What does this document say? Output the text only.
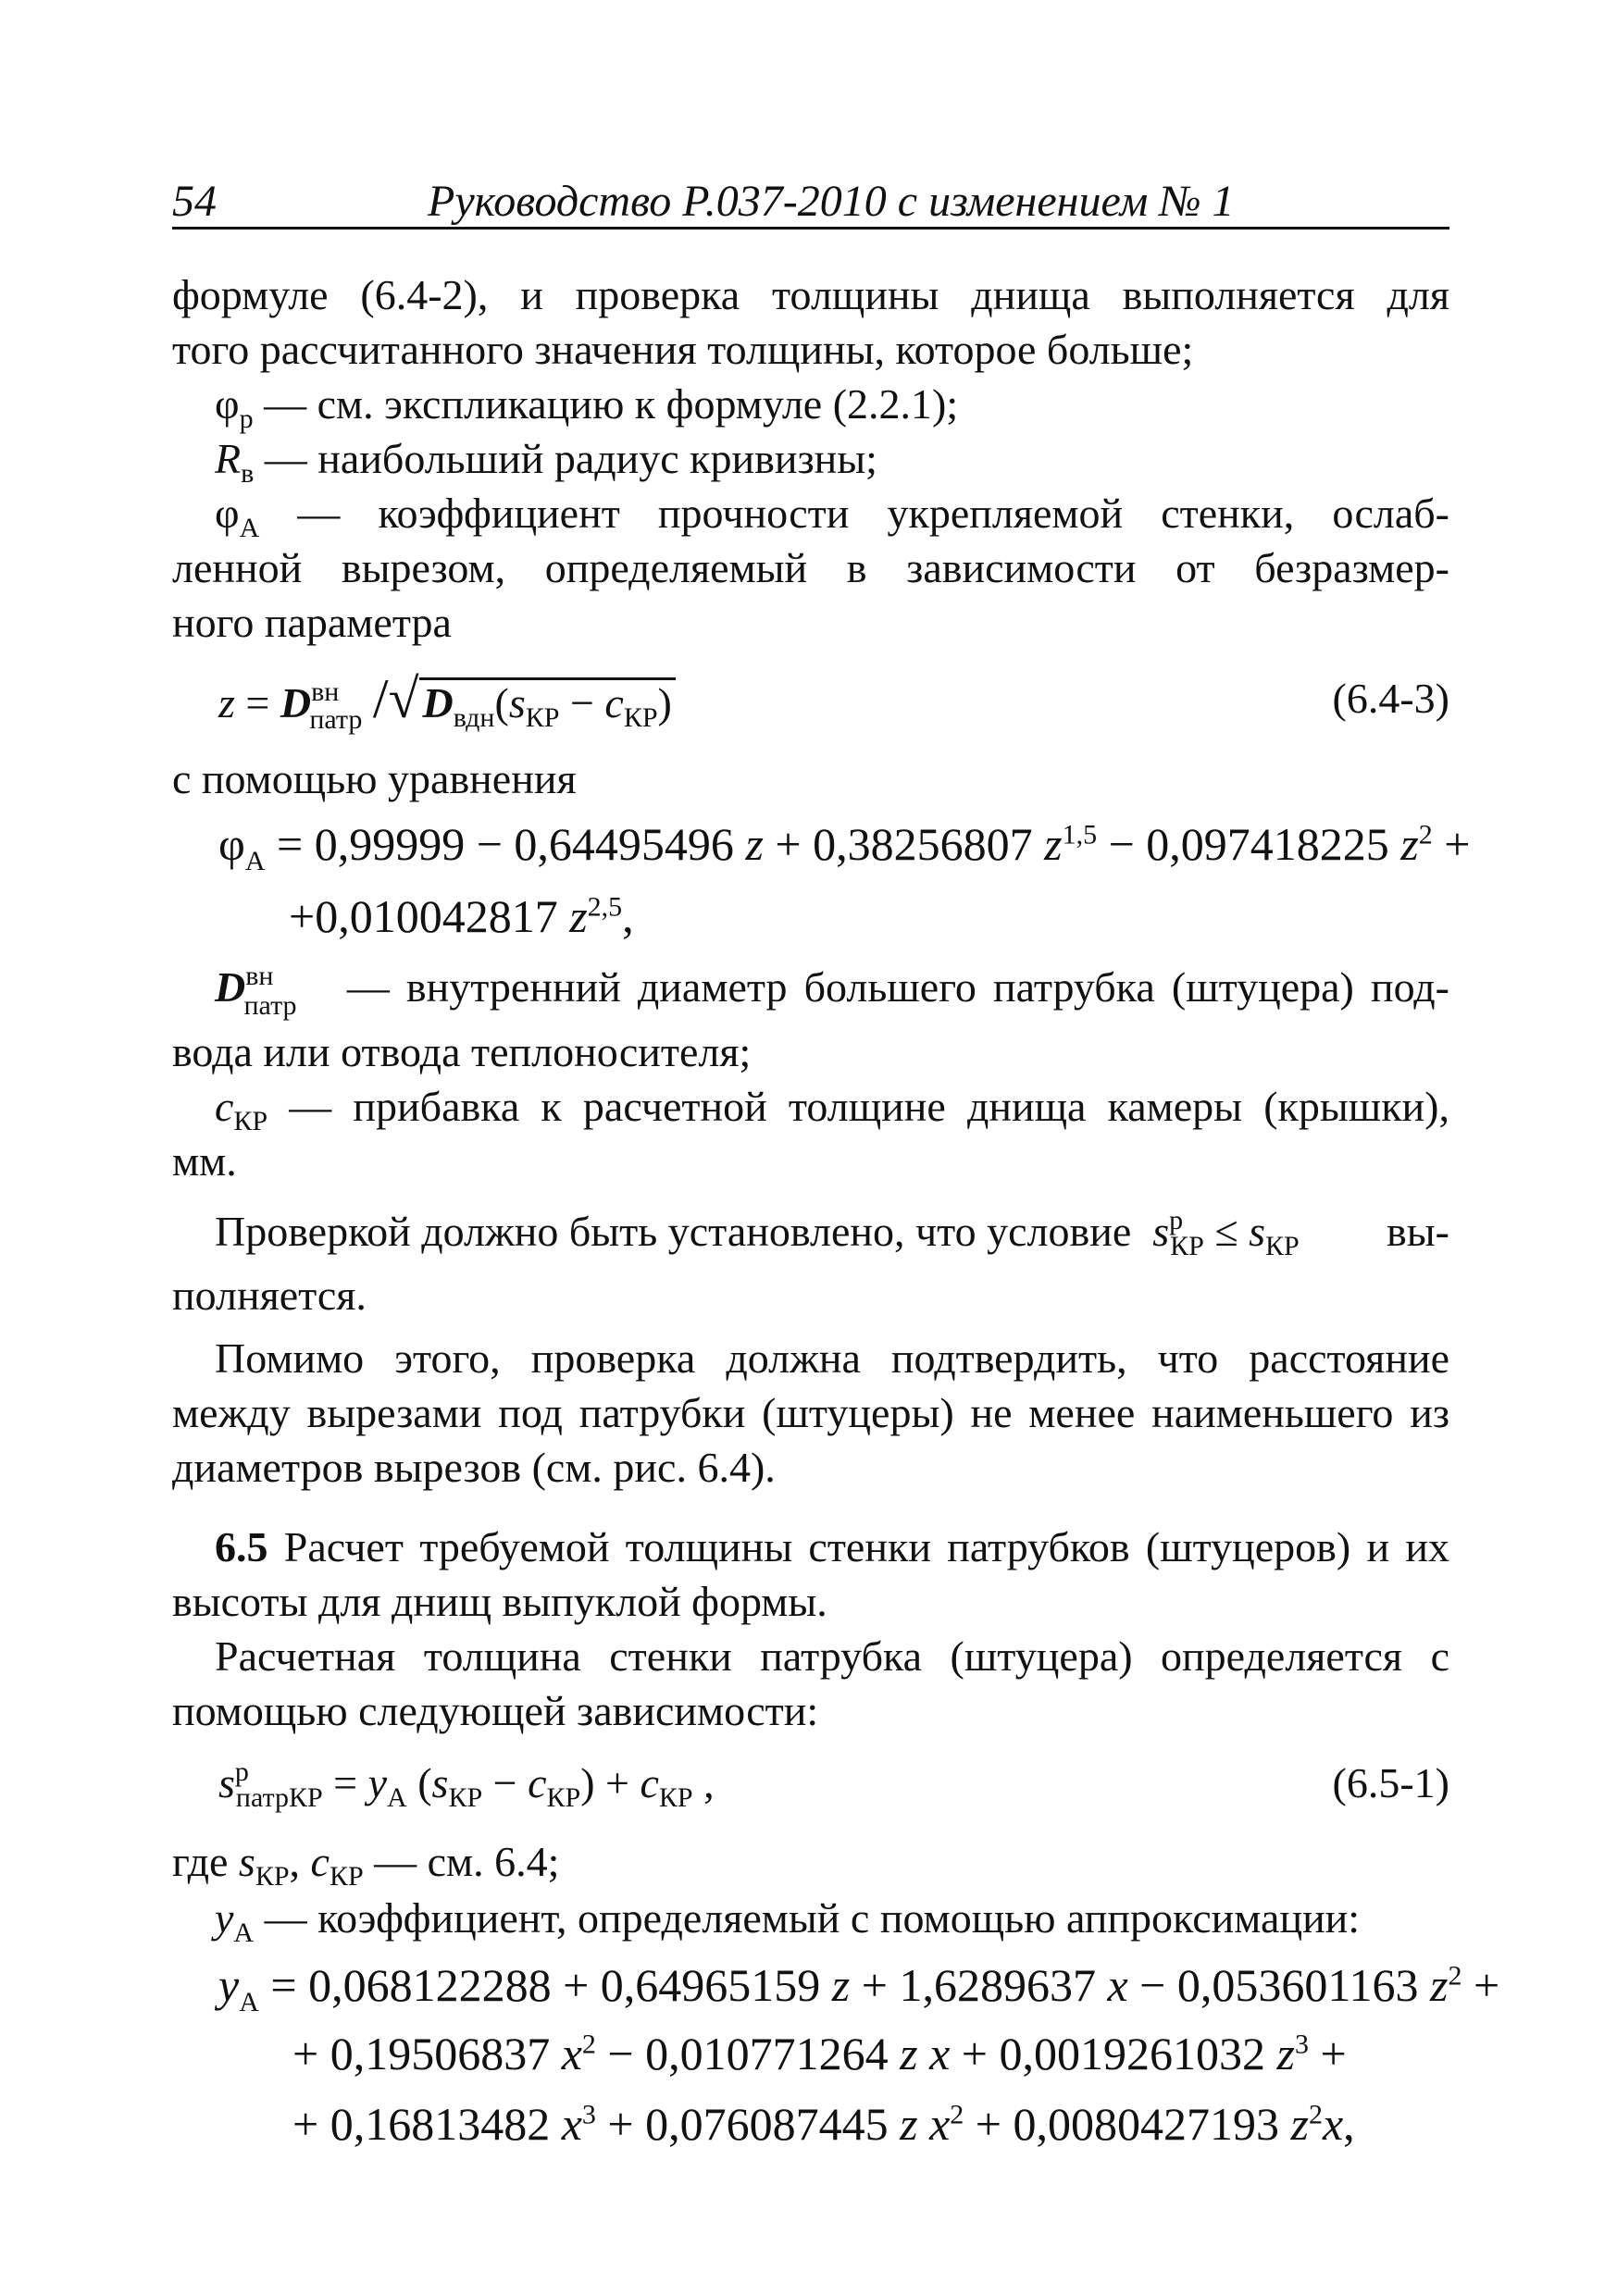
54	Руководство Р.037-2010 с изменением № 1
формуле (6.4-2), и проверка толщины днища выполняется для
того рассчитанного значения толщины, которое больше;
$\varphi_р$ — см. экспликацию к формуле (2.2.1);
$R_в$ — наибольший радиус кривизны;
$\varphi_А$ — коэффициент прочности укрепляемой стенки, ослаб-
ленной вырезом, определяемый в зависимости от безразмер-
ного параметра
$z = D^{вн}_{патр}$ $/√D_{вдн}(s_{КР} - c_{КР})$	(6.4-3)
с помощью уравнения
$\varphi_А = 0,99999 - 0,64495496$ z + 0,38256807 $z^{1,5} - 0,097418225$ $z^2$ +
+0,010042817 $z^{2,5}$,
$D^{вн}_{патр}$   — внутренний диаметр большего патрубка (штуцера) под-
вода или отвода теплоносителя;
$c_{КР}$ — прибавка к расчетной толщине днища камеры (крышки),
мм.
Проверкой должно быть установлено, что условие $s^р_{КР} \le s_{КР}$ вы-
полняется.
Помимо этого, проверка должна подтвердить, что расстояние
между вырезами под патрубки (штуцеры) не менее наименьшего из
диаметров вырезов (см. рис. 6.4).
6.5 Расчет требуемой толщины стенки патрубков (штуцеров) и их
высоты для днищ выпуклой формы.
Расчетная толщина стенки патрубка (штуцера) определяется с
помощью следующей зависимости:
$s^р_{патрКР} = y_А$ $(s_{КР} - c_{КР}) + c_{КР}$ ,	(6.5-1)
где $s_{КР}$, $c_{КР}$ — см. 6.4;
$y_А$ — коэффициент, определяемый с помощью аппроксимации:
$y_А = 0,068122288 + 0,64965159$ z + 1,6289637 x − 0,053601163 $z^2$ +
+ 0,19506837 $x^2 - 0,010771264$ z x + 0,0019261032 $z^3$ +
+ 0,16813482 $x^3 + 0,076087445$ z $x^2 + 0,0080427193$ $z^2x$,
